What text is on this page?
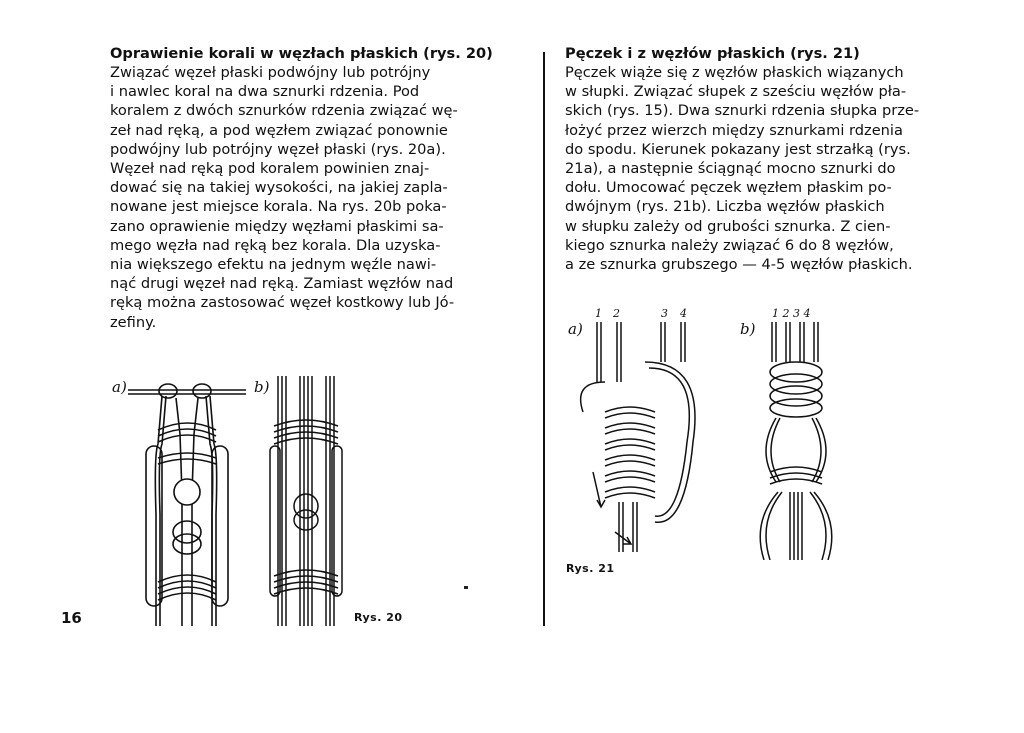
Oprawienie korali w węzłach płaskich (rys. 20)
Związać węzeł płaski podwójny lub potrójny
i nawlec koral na dwa sznurki rdzenia. Pod
koralem z dwóch sznurków rdzenia związać wę-
zeł nad ręką, a pod węzłem związać ponownie
podwójny lub potrójny węzeł płaski (rys. 20a).
Węzeł nad ręką pod koralem powinien znaj-
dować się na takiej wysokości, na jakiej zapla-
nowane jest miejsce korala. Na rys. 20b poka-
zano oprawienie między węzłami płaskimi sa-
mego węzła nad ręką bez korala. Dla uzyska-
nia większego efektu na jednym węźle nawi-
nąć drugi węzeł nad ręką. Zamiast węzłów nad
ręką można zastosować węzeł kostkowy lub Jó-
zefiny.
Pęczek i z węzłów płaskich (rys. 21)
Pęczek wiąże się z węzłów płaskich wiązanych
w słupki. Związać słupek z sześciu węzłów pła-
skich (rys. 15). Dwa sznurki rdzenia słupka prze-
łożyć przez wierzch między sznurkami rdzenia
do spodu. Kierunek pokazany jest strzałką (rys.
21a), a następnie ściągnąć mocno sznurki do
dołu. Umocować pęczek węzłem płaskim po-
dwójnym (rys. 21b). Liczba węzłów płaskich
w słupku zależy od grubości sznurka. Z cien-
kiego sznurka należy związać 6 do 8 węzłów,
a ze sznurka grubszego — 4-5 węzłów płaskich.
a)	b)
Rys. 20
a)
1 2	3 4
Rys. 21
b)
1 2 3 4
16
